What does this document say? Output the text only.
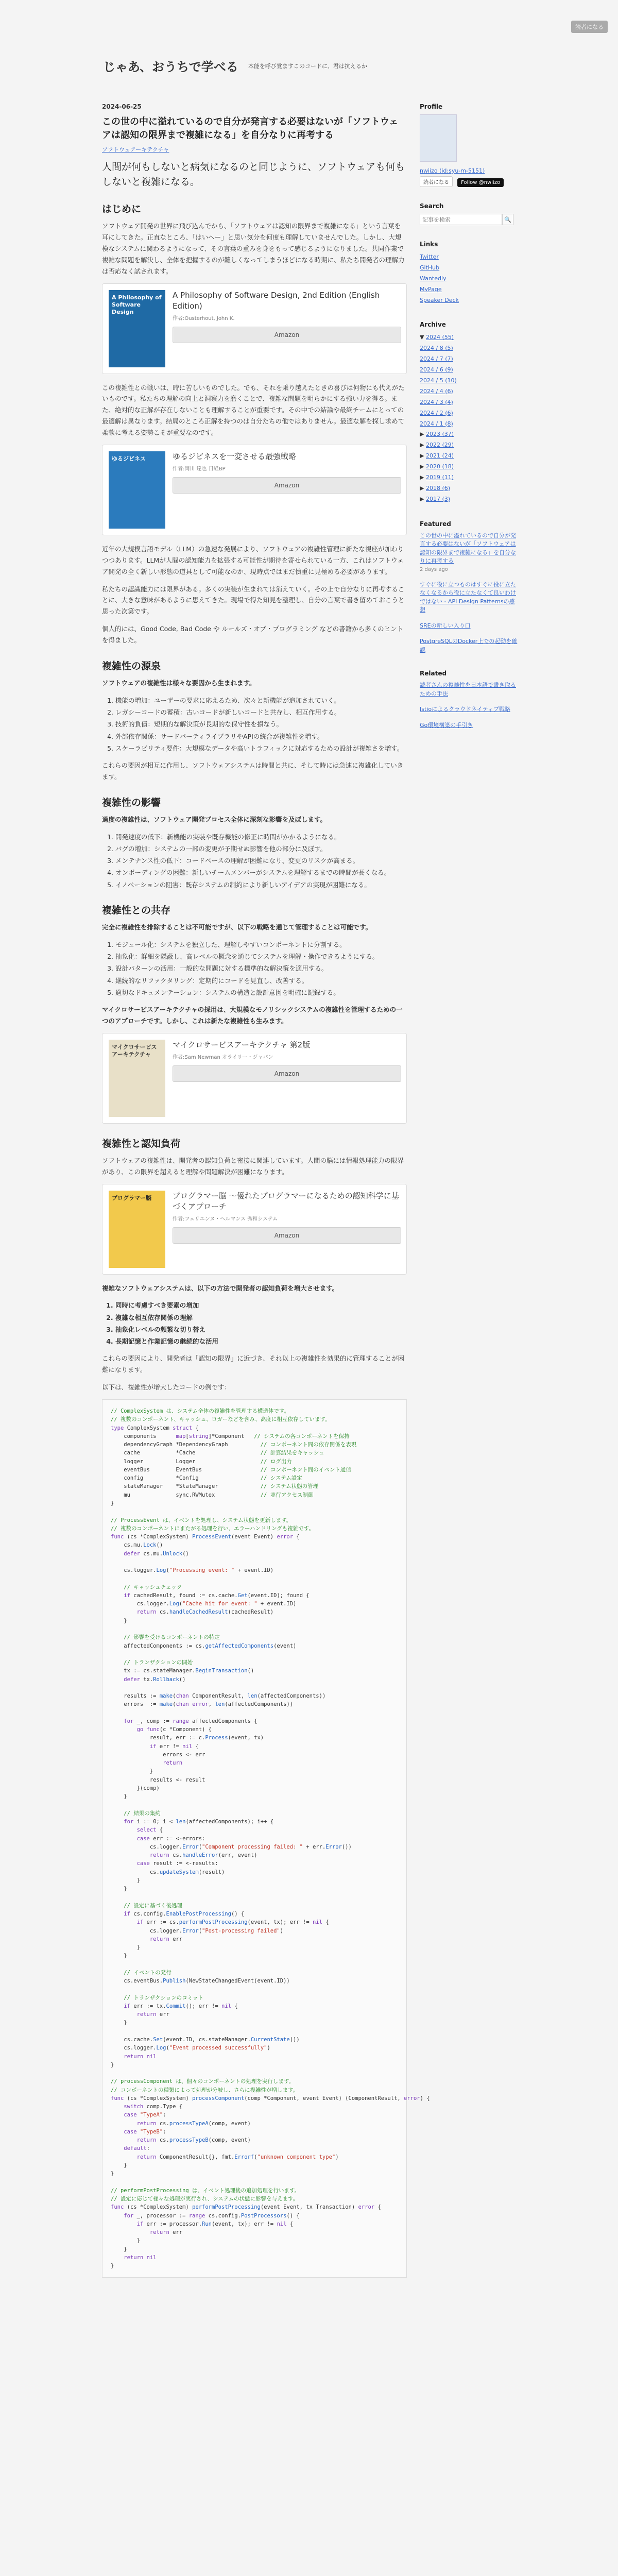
読者になる
じゃあ、おうちで学べる 本能を呼び覚ますこのコードに、君は抗えるか
2024-06-25
この世の中に溢れているので自分が発言する必要はないが「ソフトウェアは認知の限界まで複雑になる」を自分なりに再考する
ソフトウェアーキテクチャ
人間が何もしないと病気になるのと同じように、ソフトウェアも何もしないと複雑になる。
はじめに

ソフトウェア開発の世界に飛び込んでから、「ソフトウェアは認知の限界まで複雑になる」という言葉を耳にしてきた。正直なところ、「はいへー」と思い気分を何度も理解していませんでした。しかし、大規模なシステムに関わるようになって、その言葉の重みを身をもって感じるようになりました。共同作業で複雑な問題を解決し、全体を把握するのが難しくなってしまうほどになる時期に、私たち開発者の理解力は否応なく試されます。

A Philosophy of Software Design
A Philosophy of Software Design, 2nd Edition (English Edition)
作者:Ousterhout, John K.
Amazon

この複雑性との戦いは、時に苦しいものでした。でも、それを乗り越えたときの喜びは何物にも代えがたいものです。私たちの理解の向上と洞察力を磨くことで、複雑な問題を明らかにする強い力を得る。また、絶対的な正解が存在しないことも理解することが重要です。その中での結論や最終チームにとっての最適解は異なります。結局のところ正解を持つのは自分たちの他ではありません。最適な解を探し求めて柔軟に考える姿勢こそが重要なのです。

ゆるジビネス	ゆるジビネスを一変させる最強戦略
作者:岡川 達也 日経BP
Amazon

近年の大規模言語モデル（LLM）の急速な発展により、ソフトウェアの複雑性管理に新たな視座が加わりつつあります。LLMが人間の認知能力を拡張する可能性が期待を寄せられている一方、これはソフトウェア開発の全く新しい形態の道具として可能なのか、現時点ではまだ慎重に見極める必要があります。

私たちの認識能力には限界がある。多くの実装が生まれては消えていく。その上で自分なりに再考することに、大きな意味があるように思えてきた。現場で得た知見を整理し、自分の言葉で書き留めておこうと思った次第です。

個人的には、Good Code, Bad Code や ルールズ・オブ・プログラミング などの書籍から多くのヒントを得ました。

複雑性の源泉

ソフトウェアの複雑性は様々な要因から生まれます。

1. 機能の増加：ユーザーの要求に応えるため、次々と新機能が追加されていく。
2. レガシーコードの蓄積：古いコードが新しいコードと共存し、相互作用する。
3. 技術的負債：短期的な解決策が長期的な保守性を損なう。
4. 外部依存関係：サードパーティライブラリやAPIの統合が複雑性を増す。
5. スケーラビリティ要件：大規模なデータや高いトラフィックに対応するための設計が複雑さを増す。

これらの要因が相互に作用し、ソフトウェアシステムは時間と共に、そして時には急速に複雑化していきます。

複雑性の影響

過度の複雑性は、ソフトウェア開発プロセス全体に深刻な影響を及ぼします。

1. 開発速度の低下：新機能の実装や既存機能の修正に時間がかかるようになる。
2. バグの増加：システムの一部の変更が予期せぬ影響を他の部分に及ぼす。
3. メンテナンス性の低下：コードベースの理解が困難になり、変更のリスクが高まる。
4. オンボーディングの困難：新しいチームメンバーがシステムを理解するまでの時間が長くなる。
5. イノベーションの阻害：既存システムの制約により新しいアイデアの実現が困難になる。
複雑性との共存

完全に複雑性を排除することは不可能ですが、以下の戦略を通じて管理することは可能です。

1. モジュール化：システムを独立した、理解しやすいコンポーネントに分割する。
2. 抽象化：詳細を隠蔽し、高レベルの概念を通じてシステムを理解・操作できるようにする。
3. 設計パターンの活用：一般的な問題に対する標準的な解決策を適用する。
4. 継続的なリファクタリング：定期的にコードを見直し、改善する。
5. 適切なドキュメンテーション：システムの構造と設計意図を明確に記録する。

マイクロサービスアーキテクチャの採用は、大規模なモノリシックシステムの複雑性を管理するための一つのアプローチです。しかし、これは新たな複雑性も生みます。

マイクロサービスアーキテクチャ
マイクロサービスアーキテクチャ 第2版
作者:Sam Newman オライリー・ジャパン
Amazon
複雑性と認知負荷

ソフトウェアの複雑性は、開発者の認知負荷と密接に関連しています。人間の脳には情報処理能力の限界があり、この限界を超えると理解や問題解決が困難になります。

プログラマー脳	プログラマー脳 ～優れたプログラマーになるための認知科学に基づくアプローチ
作者:フェリエンヌ・ヘルマンス 秀和システム
Amazon

複雑なソフトウェアシステムは、以下の方法で開発者の認知負荷を増大させます。

1. 同時に考慮すべき要素の増加
2. 複雑な相互依存関係の理解
3. 抽象化レベルの頻繁な切り替え
4. 長期記憶と作業記憶の継続的な活用

これらの要因により、開発者は「認知の限界」に近づき、それ以上の複雑性を効果的に管理することが困難になります。

以下は、複雑性が増大したコードの例です：

// ComplexSystem は、システム全体の複雑性を管理する構造体です。
// 複数のコンポーネント、キャッシュ、ロガーなどを含み、高度に相互依存しています。
type ComplexSystem struct {
components	map[string]*Component   // システムの各コンポーネントを保持
dependencyGraph *DependencyGraph	// コンポーネント間の依存関係を表現
cache           *Cache	// 計算結果をキャッシュ
logger          Logger	// ログ出力
eventBus        EventBus	// コンポーネント間のイベント通信
config          *Config	// システム設定
stateManager    *StateManager	// システム状態の管理
mu              sync.RWMutex	// 並行アクセス制御
}

// ProcessEvent は、イベントを処理し、システム状態を更新します。
// 複数のコンポーネントにまたがる処理を行い、エラーハンドリングも複雑です。
func (cs *ComplexSystem) ProcessEvent(event Event) error {
cs.mu.Lock()
defer cs.mu.Unlock()

cs.logger.Log("Processing event: " + event.ID)

// キャッシュチェック
if cachedResult, found := cs.cache.Get(event.ID); found {
cs.logger.Log("Cache hit for event: " + event.ID)
return cs.handleCachedResult(cachedResult)
}

// 影響を受けるコンポーネントの特定
affectedComponents := cs.getAffectedComponents(event)

// トランザクションの開始
tx := cs.stateManager.BeginTransaction()
defer tx.Rollback()

results := make(chan ComponentResult, len(affectedComponents))
errors  := make(chan error, len(affectedComponents))

for _, comp := range affectedComponents {
go func(c *Component) {
result, err := c.Process(event, tx)
if err != nil {
errors <- err
return
}
results <- result
}(comp)
}

// 結果の集約
for i := 0; i < len(affectedComponents); i++ {
select {
case err := <-errors:
cs.logger.Error("Component processing failed: " + err.Error())
return cs.handleError(err, event)
case result := <-results:
cs.updateSystem(result)
}
}

// 設定に基づく後処理
if cs.config.EnablePostProcessing() {
if err := cs.performPostProcessing(event, tx); err != nil {
cs.logger.Error("Post-processing failed")
return err
}
}

// イベントの発行
cs.eventBus.Publish(NewStateChangedEvent(event.ID))

// トランザクションのコミット
if err := tx.Commit(); err != nil {
return err
}

cs.cache.Set(event.ID, cs.stateManager.CurrentState())
cs.logger.Log("Event processed successfully")
return nil
}

// processComponent は、個々のコンポーネントの処理を実行します。
// コンポーネントの種類によって処理が分岐し、さらに複雑性が増します。
func (cs *ComplexSystem) processComponent(comp *Component, event Event) (ComponentResult, error) {
switch comp.Type {
case "TypeA":
return cs.processTypeA(comp, event)
case "TypeB":
return cs.processTypeB(comp, event)
default:
return ComponentResult{}, fmt.Errorf("unknown component type")
}
}

// performPostProcessing は、イベント処理後の追加処理を行います。
// 設定に応じて様々な処理が実行され、システムの状態に影響を与えます。
func (cs *ComplexSystem) performPostProcessing(event Event, tx Transaction) error {
for _, processor := range cs.config.PostProcessors() {
if err := processor.Run(event, tx); err != nil {
return err
}
}
return nil
}
Profile
nwiizo (id:syu-m-5151)
読者になる Follow @nwiizo
Search
記事を検索
🔍
Links
Twitter
GitHub
Wantedly
MyPage
Speaker Deck
Archive
▼ 2024 (55)
2024 / 8 (5)
2024 / 7 (7)
2024 / 6 (9)
2024 / 5 (10)
2024 / 4 (6)
2024 / 3 (4)
2024 / 2 (6)
2024 / 1 (8)
▶ 2023 (37)
▶ 2022 (29)
▶ 2021 (24)
▶ 2020 (18)
▶ 2019 (11)
▶ 2018 (6)
▶ 2017 (3)
Featured
この世の中に溢れているので自分が発言する必要はないが「ソフトウェアは認知の限界まで複雑になる」を自分なりに再考する
2 days ago
すぐに役に立つものはすぐに役に立たなくなるから役に立たなくて良いわけではない - API Design Patternsの感想
SREの新しい入り口
PostgreSQLのDocker上での起動を確認
Related
読者さんの複雑性を日本語で書き取るための手法
Istioによるクラウドネイティブ戦略
Go環境構築の手引き
